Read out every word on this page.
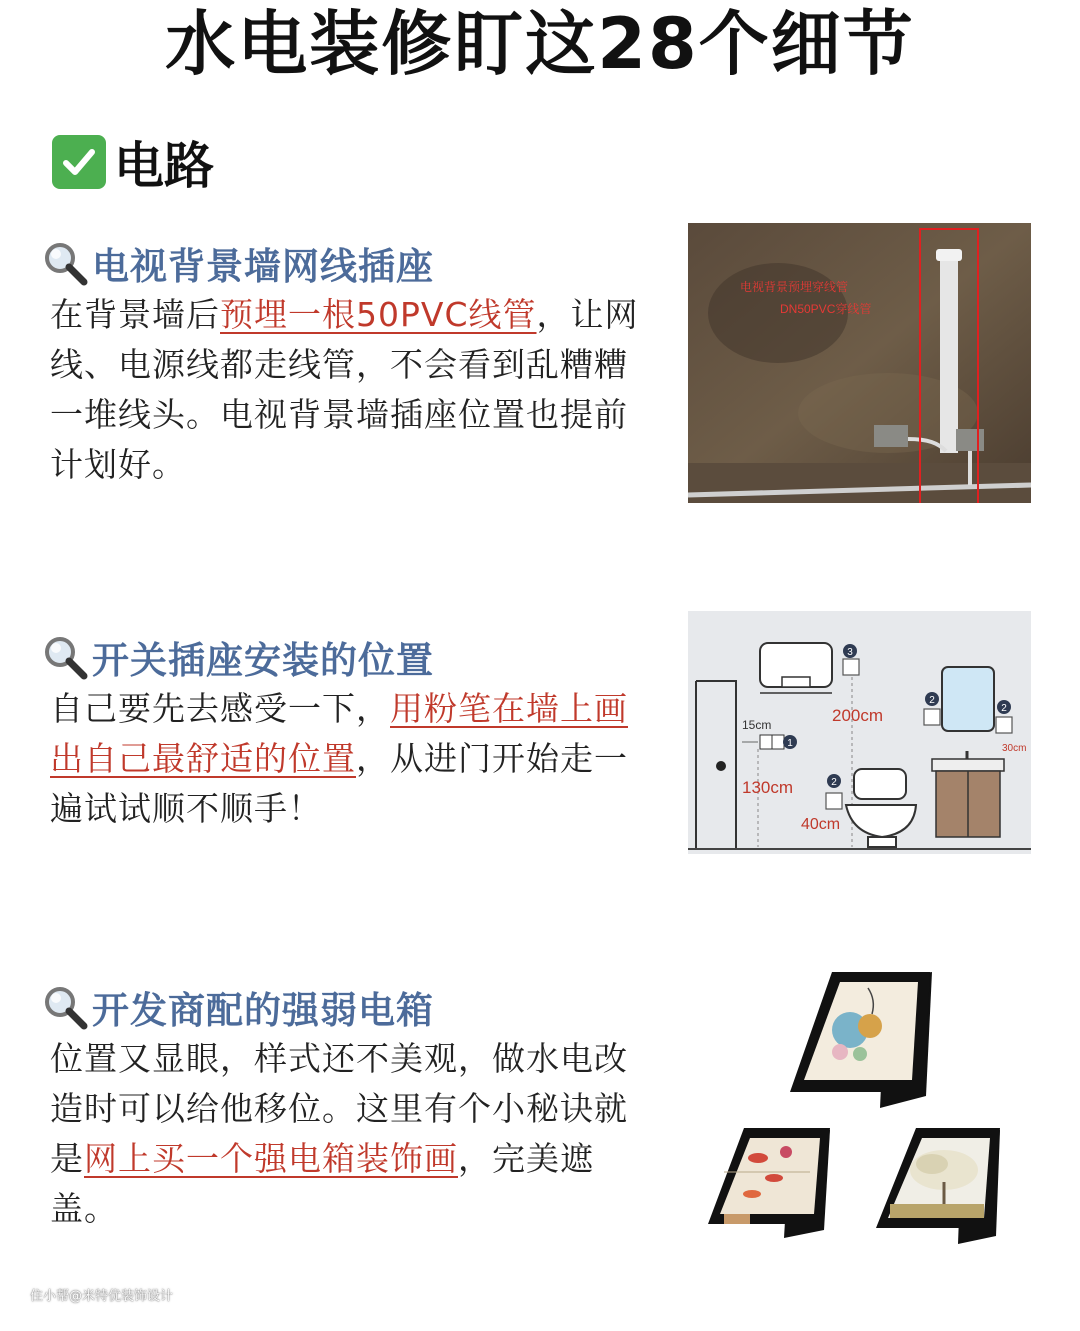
水电装修盯这28个细节
电路
电视背景墙网线插座
在背景墙后预埋一根50PVC线管，让网线、电源线都走线管，不会看到乱糟糟一堆线头。电视背景墙插座位置也提前计划好。
电视背景预埋穿线管
DN50PVC穿线管
开关插座安装的位置
自己要先去感受一下，用粉笔在墙上画出自己最舒适的位置，从进门开始走一遍试试顺不顺手！
3
200cm
1
15cm
130cm	2
40cm
2
2
30cm
开发商配的强弱电箱
位置又显眼，样式还不美观，做水电改造时可以给他移位。这里有个小秘诀就是网上买一个强电箱装饰画，完美遮盖。
住小帮@米特优装饰设计
